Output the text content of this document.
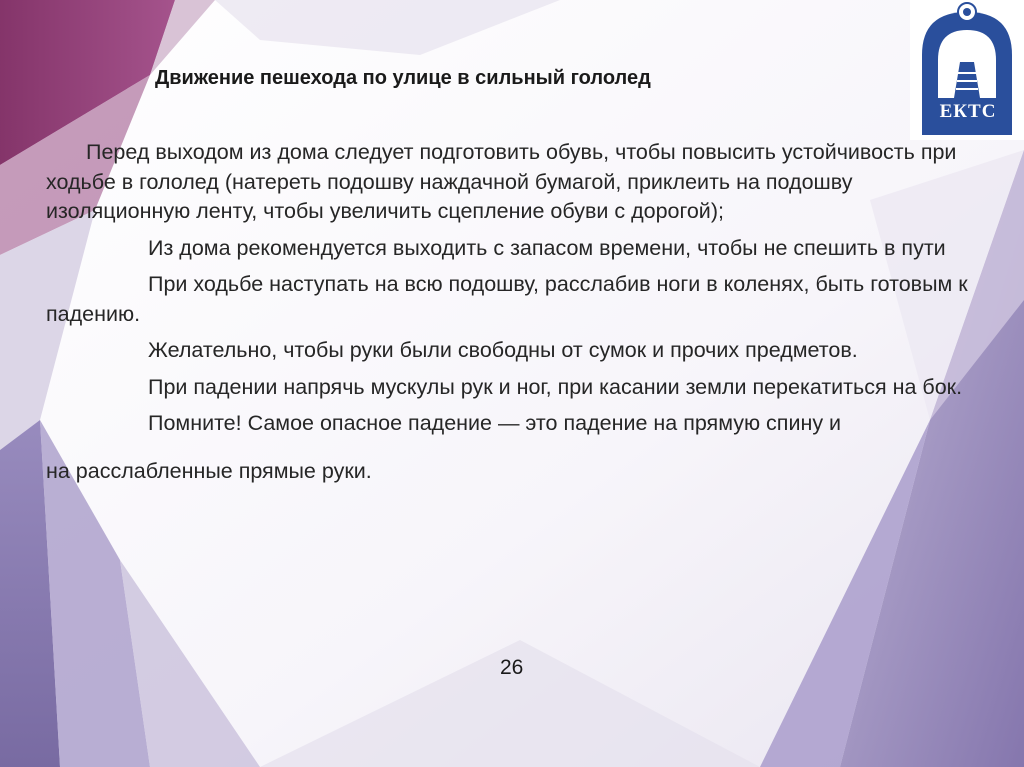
ЕКТС
Движение пешехода по улице в сильный гололед

Перед выходом из дома следует подготовить обувь, чтобы повысить устойчивость при ходьбе в гололед (натереть подошву наждачной бумагой, приклеить на подошву изоляционную ленту, чтобы увеличить сцепление обуви с дорогой);

Из дома рекомендуется выходить с запасом времени, чтобы не спешить в пути

При ходьбе наступать на всю подошву, расслабив ноги в коленях, быть готовым к падению.

Желательно, чтобы руки были свободны от сумок и прочих предметов.

При падении напрячь мускулы рук и ног, при касании земли перекатиться на бок.

Помните! Самое опасное падение — это падение на прямую спину и
на расслабленные прямые руки.

26
